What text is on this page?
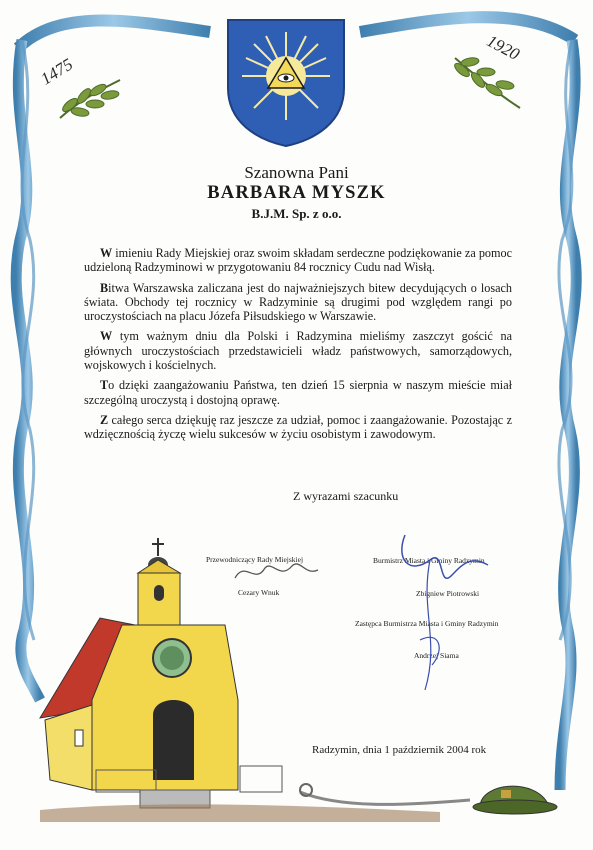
1475
1920
Szanowna Pani
BARBARA MYSZK
B.J.M. Sp. z o.o.

W imieniu Rady Miejskiej oraz swoim składam serdeczne podziękowanie za pomoc udzieloną Radzyminowi w przygotowaniu 84 rocznicy Cudu nad Wisłą.

Bitwa Warszawska zaliczana jest do najważniejszych bitew decydujących o losach świata. Obchody tej rocznicy w Radzyminie są drugimi pod względem rangi po uroczystościach na placu Józefa Piłsudskiego w Warszawie.

W tym ważnym dniu dla Polski i Radzymina mieliśmy zaszczyt gościć na głównych uroczystościach przedstawicieli władz państwowych, samorządowych, wojskowych i kościelnych.

To dzięki zaangażowaniu Państwa, ten dzień 15 sierpnia w naszym mieście miał szczególną uroczystą i dostojną oprawę.

Z całego serca dziękuję raz jeszcze za udział, pomoc i zaangażowanie. Pozostając z wdzięcznością życzę wielu sukcesów w życiu osobistym i zawodowym.

Z wyrazami szacunku
Przewodniczący Rady Miejskiej
Cezary Wnuk
Burmistrz Miasta i Gminy Radzymin
Zbigniew Piotrowski
Zastępca Burmistrza Miasta i Gminy Radzymin
Andrzej Siama
Radzymin, dnia 1 październik 2004 rok
